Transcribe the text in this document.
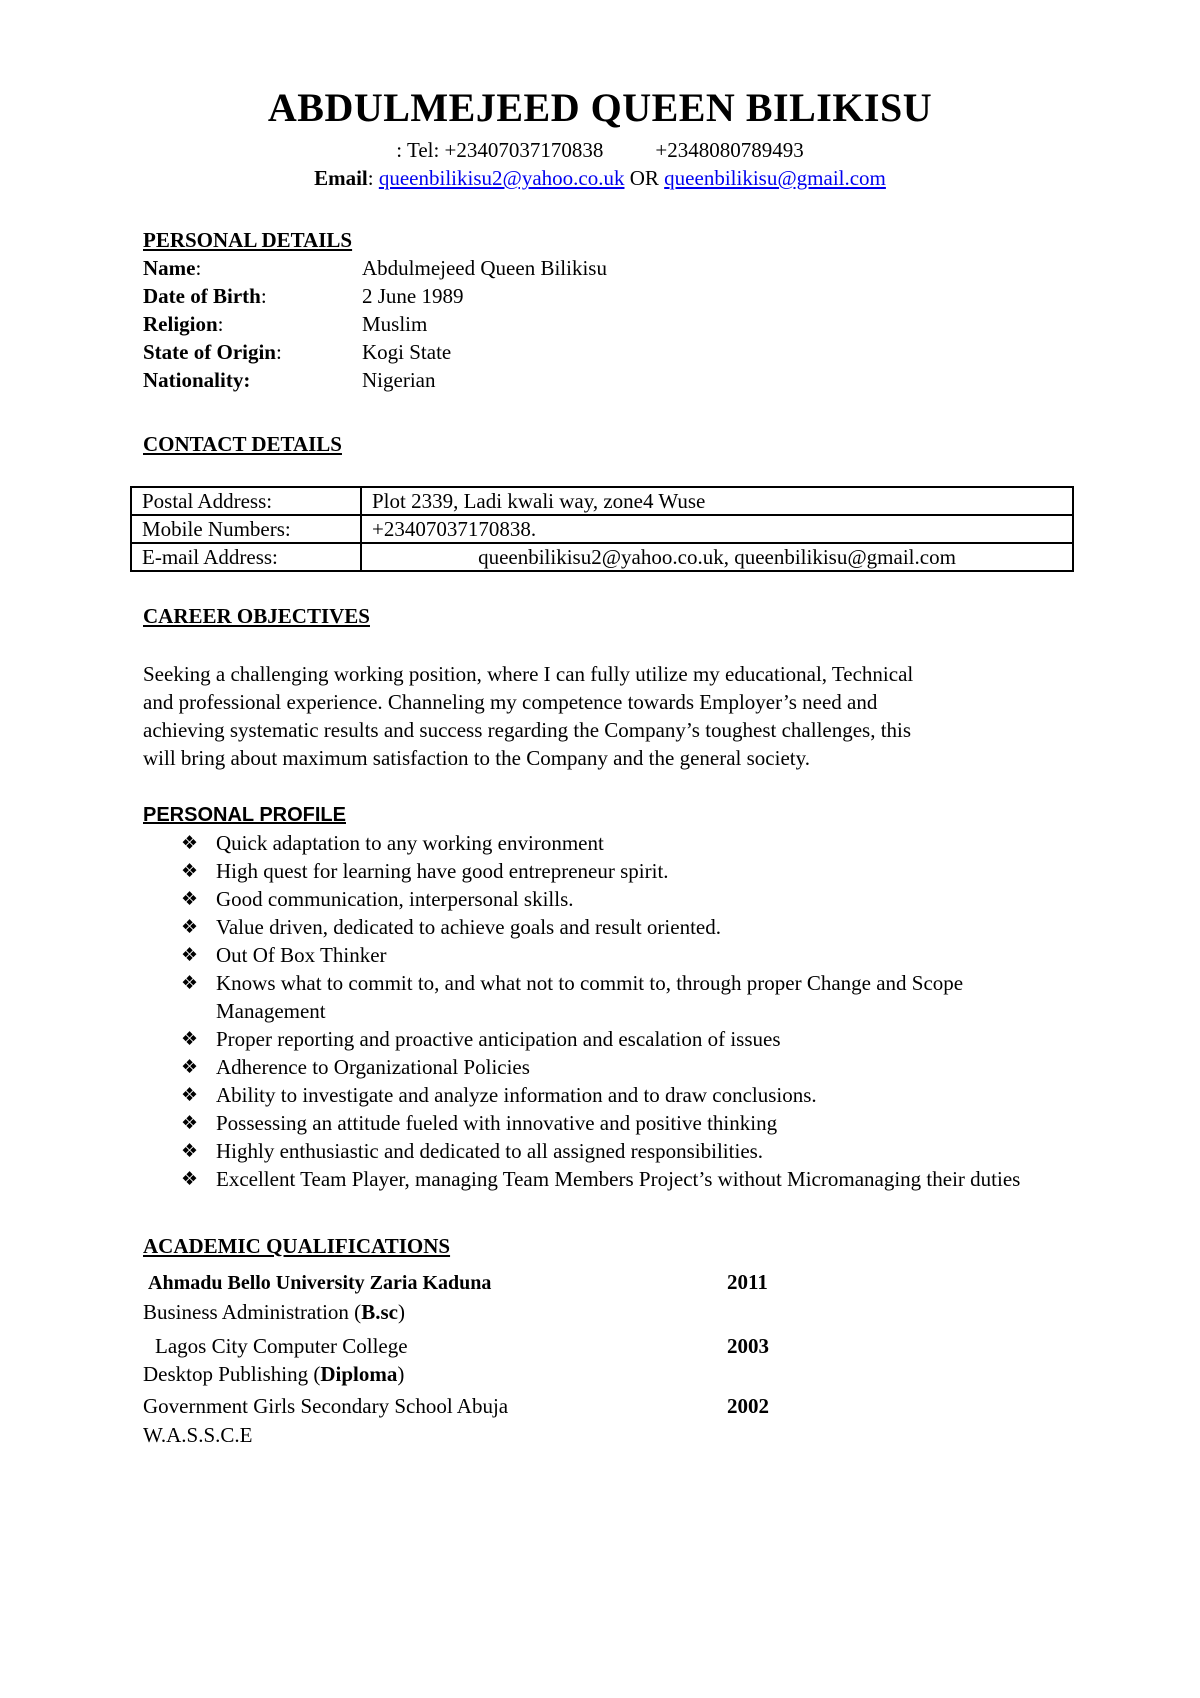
ABDULMEJEED QUEEN BILIKISU
: Tel: +23407037170838 +2348080789493
Email: queenbilikisu2@yahoo.co.uk OR queenbilikisu@gmail.com
PERSONAL DETAILS
Name:	Abdulmejeed Queen Bilikisu
Date of Birth:	2 June 1989
Religion:	Muslim
State of Origin:	Kogi State
Nationality:	Nigerian
CONTACT DETAILS
Postal Address:	Plot 2339, Ladi kwali way, zone4 Wuse
Mobile Numbers:	+23407037170838.
E-mail Address:	queenbilikisu2@yahoo.co.uk, queenbilikisu@gmail.com
CAREER OBJECTIVES
Seeking a challenging working position, where I can fully utilize my educational, Technical
and professional experience. Channeling my competence towards Employer’s need and
achieving systematic results and success regarding the Company’s toughest challenges, this
will bring about maximum satisfaction to the Company and the general society.
PERSONAL PROFILE
❖ Quick adaptation to any working environment
❖ High quest for learning have good entrepreneur spirit.
❖ Good communication, interpersonal skills.
❖ Value driven, dedicated to achieve goals and result oriented.
❖ Out Of Box Thinker
❖ Knows what to commit to, and what not to commit to, through proper Change and Scope Management
❖ Proper reporting and proactive anticipation and escalation of issues
❖ Adherence to Organizational Policies
❖ Ability to investigate and analyze information and to draw conclusions.
❖ Possessing an attitude fueled with innovative and positive thinking
❖ Highly enthusiastic and dedicated to all assigned responsibilities.
❖ Excellent Team Player, managing Team Members Project’s without Micromanaging their duties
ACADEMIC QUALIFICATIONS
Ahmadu Bello University Zaria Kaduna	2011
Business Administration (B.sc)
Lagos City Computer College	2003
Desktop Publishing (Diploma)
Government Girls Secondary School Abuja	2002
W.A.S.S.C.E
